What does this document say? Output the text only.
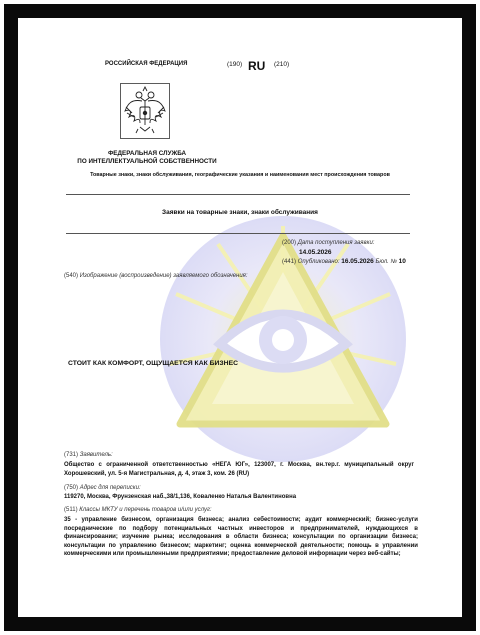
РОССИЙСКАЯ ФЕДЕРАЦИЯ	(190) RU (210)
ФЕДЕРАЛЬНАЯ СЛУЖБА
ПО ИНТЕЛЛЕКТУАЛЬНОЙ СОБСТВЕННОСТИ
Товарные знаки, знаки обслуживания, географические указания и наименования мест происхождения товаров
Заявки на товарные знаки, знаки обслуживания
(200) Дата поступления заявки:
14.05.2026
(441) Опубликовано: 16.05.2026 Бюл. № 10
(540) Изображение (воспроизведение) заявляемого обозначения:
СТОИТ КАК КОМФОРТ, ОЩУЩАЕТСЯ КАК БИЗНЕС
(731) Заявитель:
Общество с ограниченной ответственностью «НЕГА ЮГ», 123007, г. Москва, вн.тер.г. муниципальный округ Хорошевский, ул. 5-я Магистральная, д. 4, этаж 3, ком. 26 (RU)
(750) Адрес для переписки:
119270, Москва, Фрунзенская наб.,38/1,136, Коваленко Наталья Валентиновна
(511) Классы МКТУ и перечень товаров и/или услуг:
35 - управление бизнесом, организация бизнеса; анализ себестоимости; аудит коммерческий; бизнес-услуги посреднические по подбору потенциальных частных инвесторов и предпринимателей, нуждающихся в финансировании; изучение рынка; исследования в области бизнеса; консультации по организации бизнеса; консультации по управлению бизнесом; маркетинг; оценка коммерческой деятельности; помощь в управлении коммерческими или промышленными предприятиями; предоставление деловой информации через веб-сайты;
